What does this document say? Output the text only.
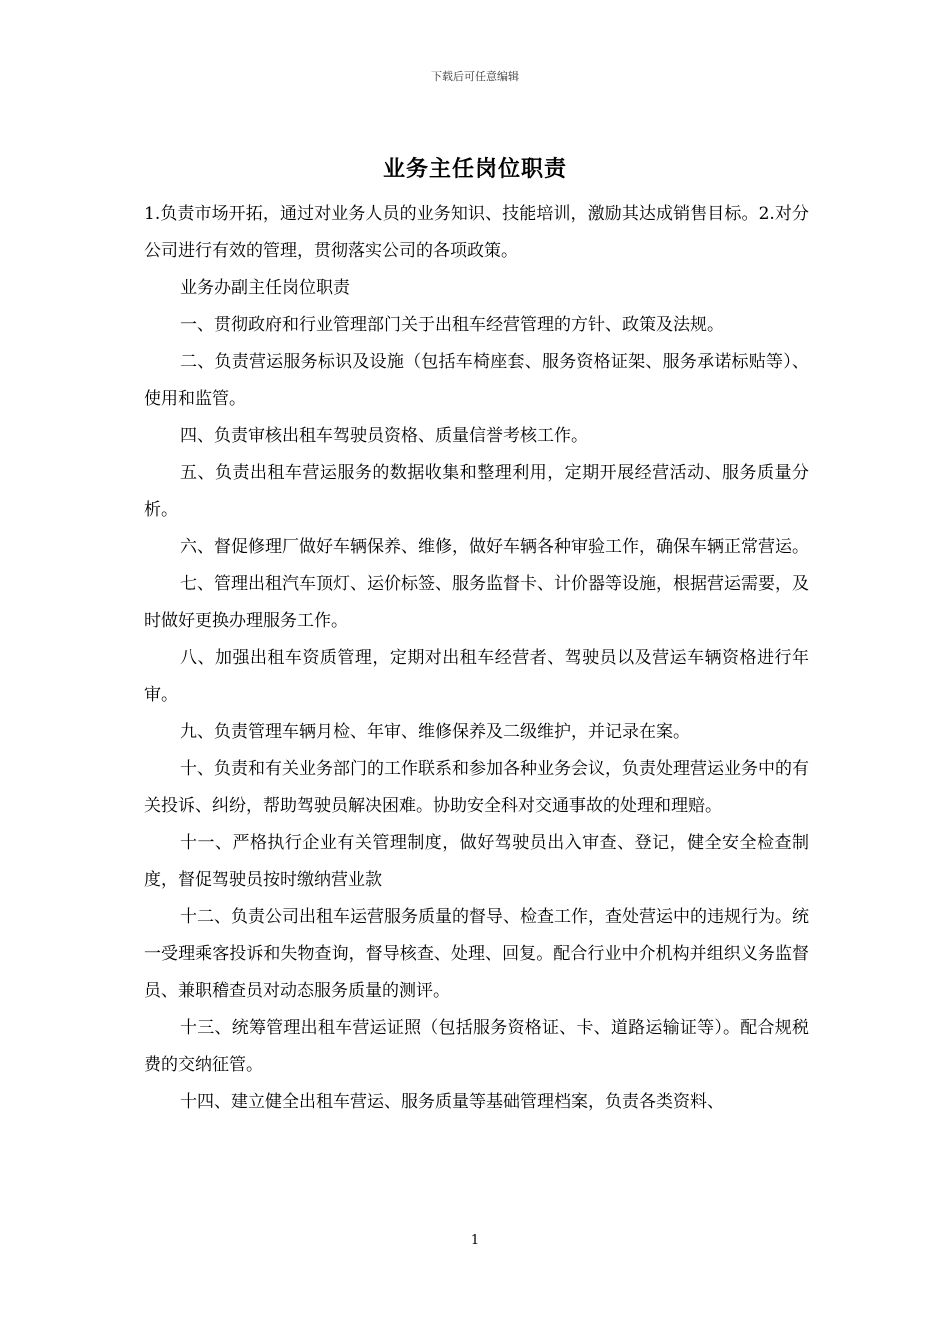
下载后可任意编辑
业务主任岗位职责

1.负责市场开拓，通过对业务人员的业务知识、技能培训，激励其达成销售目标。2.对分公司进行有效的管理，贯彻落实公司的各项政策。

业务办副主任岗位职责

一、贯彻政府和行业管理部门关于出租车经营管理的方针、政策及法规。

二、负责营运服务标识及设施（包括车椅座套、服务资格证架、服务承诺标贴等）、使用和监管。

四、负责审核出租车驾驶员资格、质量信誉考核工作。

五、负责出租车营运服务的数据收集和整理利用，定期开展经营活动、服务质量分析。

六、督促修理厂做好车辆保养、维修，做好车辆各种审验工作，确保车辆正常营运。

七、管理出租汽车顶灯、运价标签、服务监督卡、计价器等设施，根据营运需要，及时做好更换办理服务工作。

八、加强出租车资质管理，定期对出租车经营者、驾驶员以及营运车辆资格进行年审。

九、负责管理车辆月检、年审、维修保养及二级维护，并记录在案。

十、负责和有关业务部门的工作联系和参加各种业务会议，负责处理营运业务中的有关投诉、纠纷，帮助驾驶员解决困难。协助安全科对交通事故的处理和理赔。

十一、严格执行企业有关管理制度，做好驾驶员出入审查、登记，健全安全检查制度，督促驾驶员按时缴纳营业款

十二、负责公司出租车运营服务质量的督导、检查工作，查处营运中的违规行为。统一受理乘客投诉和失物查询，督导核查、处理、回复。配合行业中介机构并组织义务监督员、兼职稽查员对动态服务质量的测评。

十三、统筹管理出租车营运证照（包括服务资格证、卡、道路运输证等）。配合规税费的交纳征管。

十四、建立健全出租车营运、服务质量等基础管理档案，负责各类资料、

1
